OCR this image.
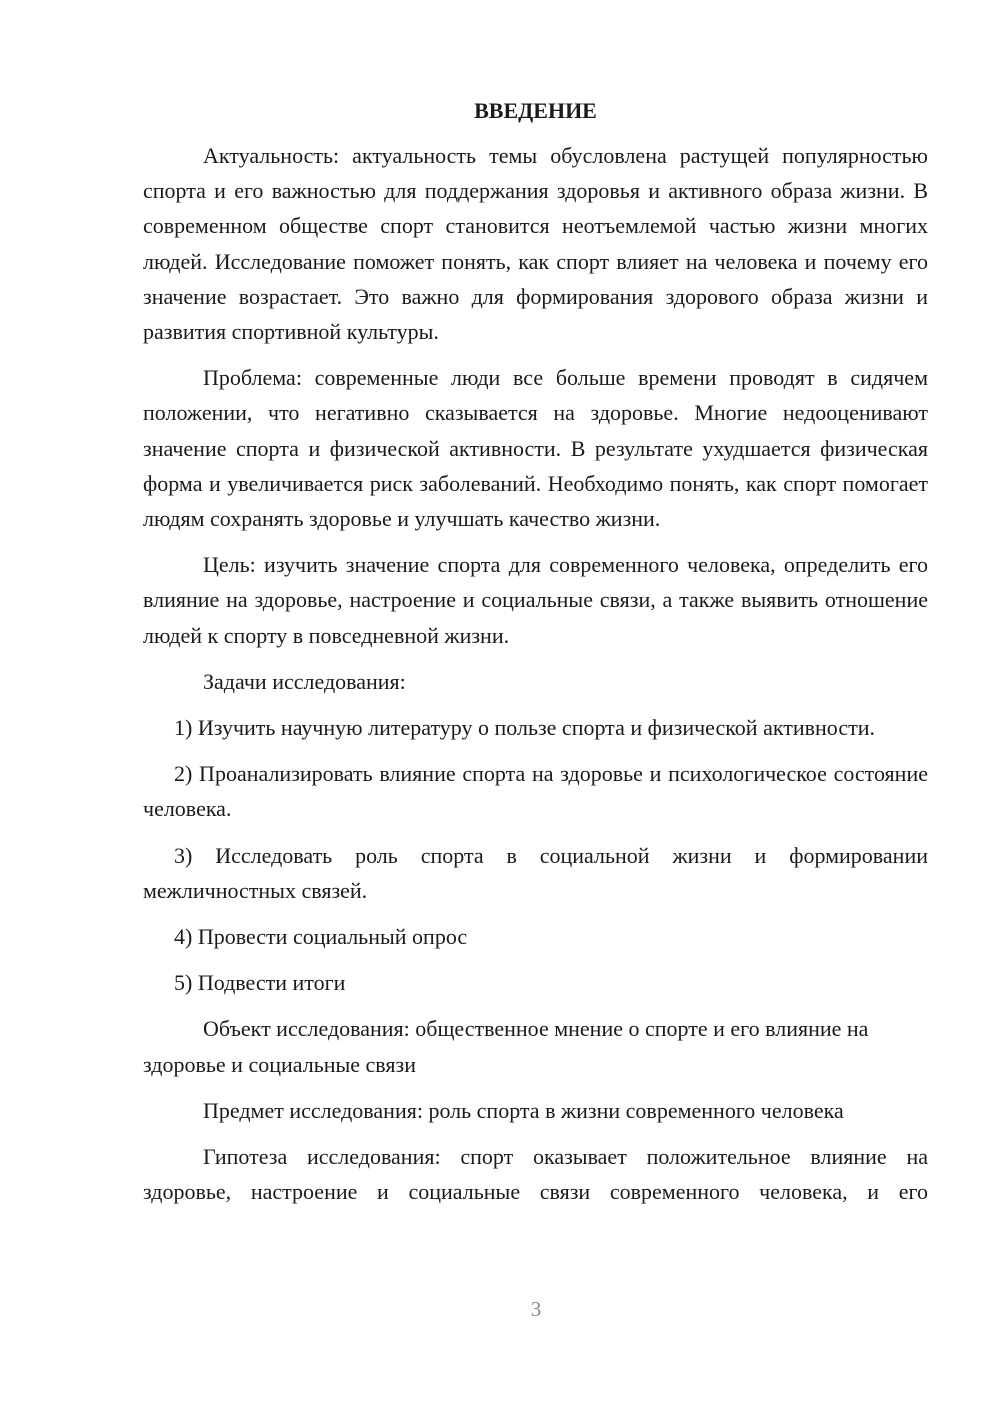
ВВЕДЕНИЕ

Актуальность: актуальность темы обусловлена растущей популярностью спорта и его важностью для поддержания здоровья и активного образа жизни. В современном обществе спорт становится неотъемлемой частью жизни многих людей. Исследование поможет понять, как спорт влияет на человека и почему его значение возрастает. Это важно для формирования здорового образа жизни и развития спортивной культуры.

Проблема: современные люди все больше времени проводят в сидячем положении, что негативно сказывается на здоровье. Многие недооценивают значение спорта и физической активности. В результате ухудшается физическая форма и увеличивается риск заболеваний. Необходимо понять, как спорт помогает людям сохранять здоровье и улучшать качество жизни.

Цель: изучить значение спорта для современного человека, определить его влияние на здоровье, настроение и социальные связи, а также выявить отношение людей к спорту в повседневной жизни.

Задачи исследования:

1) Изучить научную литературу о пользе спорта и физической активности.

2) Проанализировать влияние спорта на здоровье и психологическое состояние человека.

3) Исследовать роль спорта в социальной жизни и формировании межличностных связей.

4) Провести социальный опрос

5) Подвести итоги

Объект исследования: общественное мнение о спорте и его влияние на здоровье и социальные связи

Предмет исследования: роль спорта в жизни современного человека

Гипотеза исследования: спорт оказывает положительное влияние на здоровье, настроение и социальные связи современного человека, и его

3
